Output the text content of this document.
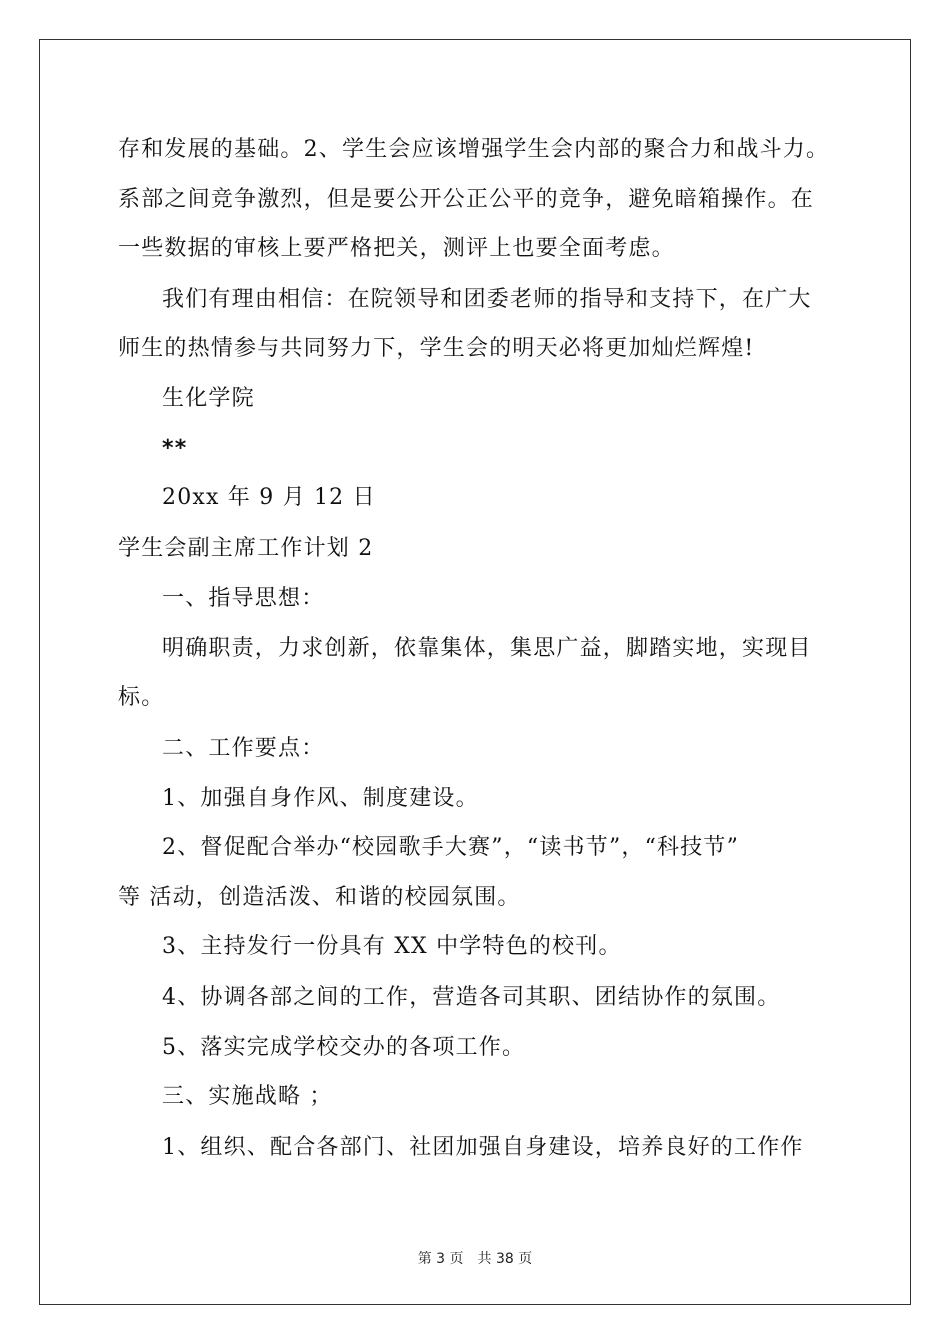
存和发展的基础。2、学生会应该增强学生会内部的聚合力和战斗力。
系部之间竞争激烈，但是要公开公正公平的竞争，避免暗箱操作。在
一些数据的审核上要严格把关，测评上也要全面考虑。
我们有理由相信：在院领导和团委老师的指导和支持下，在广大
师生的热情参与共同努力下，学生会的明天必将更加灿烂辉煌!
生化学院
**
20xx 年 9 月 12 日
学生会副主席工作计划 2
一、指导思想：
明确职责，力求创新，依靠集体，集思广益，脚踏实地，实现目
标。
二、工作要点：
1、加强自身作风、制度建设。
2、督促配合举办“校园歌手大赛”，“读书节”，“科技节”
等 活动，创造活泼、和谐的校园氛围。
3、主持发行一份具有 XX 中学特色的校刊。
4、协调各部之间的工作，营造各司其职、团结协作的氛围。
5、落实完成学校交办的各项工作。
三、实施战略 ；
1、组织、配合各部门、社团加强自身建设，培养良好的工作作
第 3 页 共 38 页
